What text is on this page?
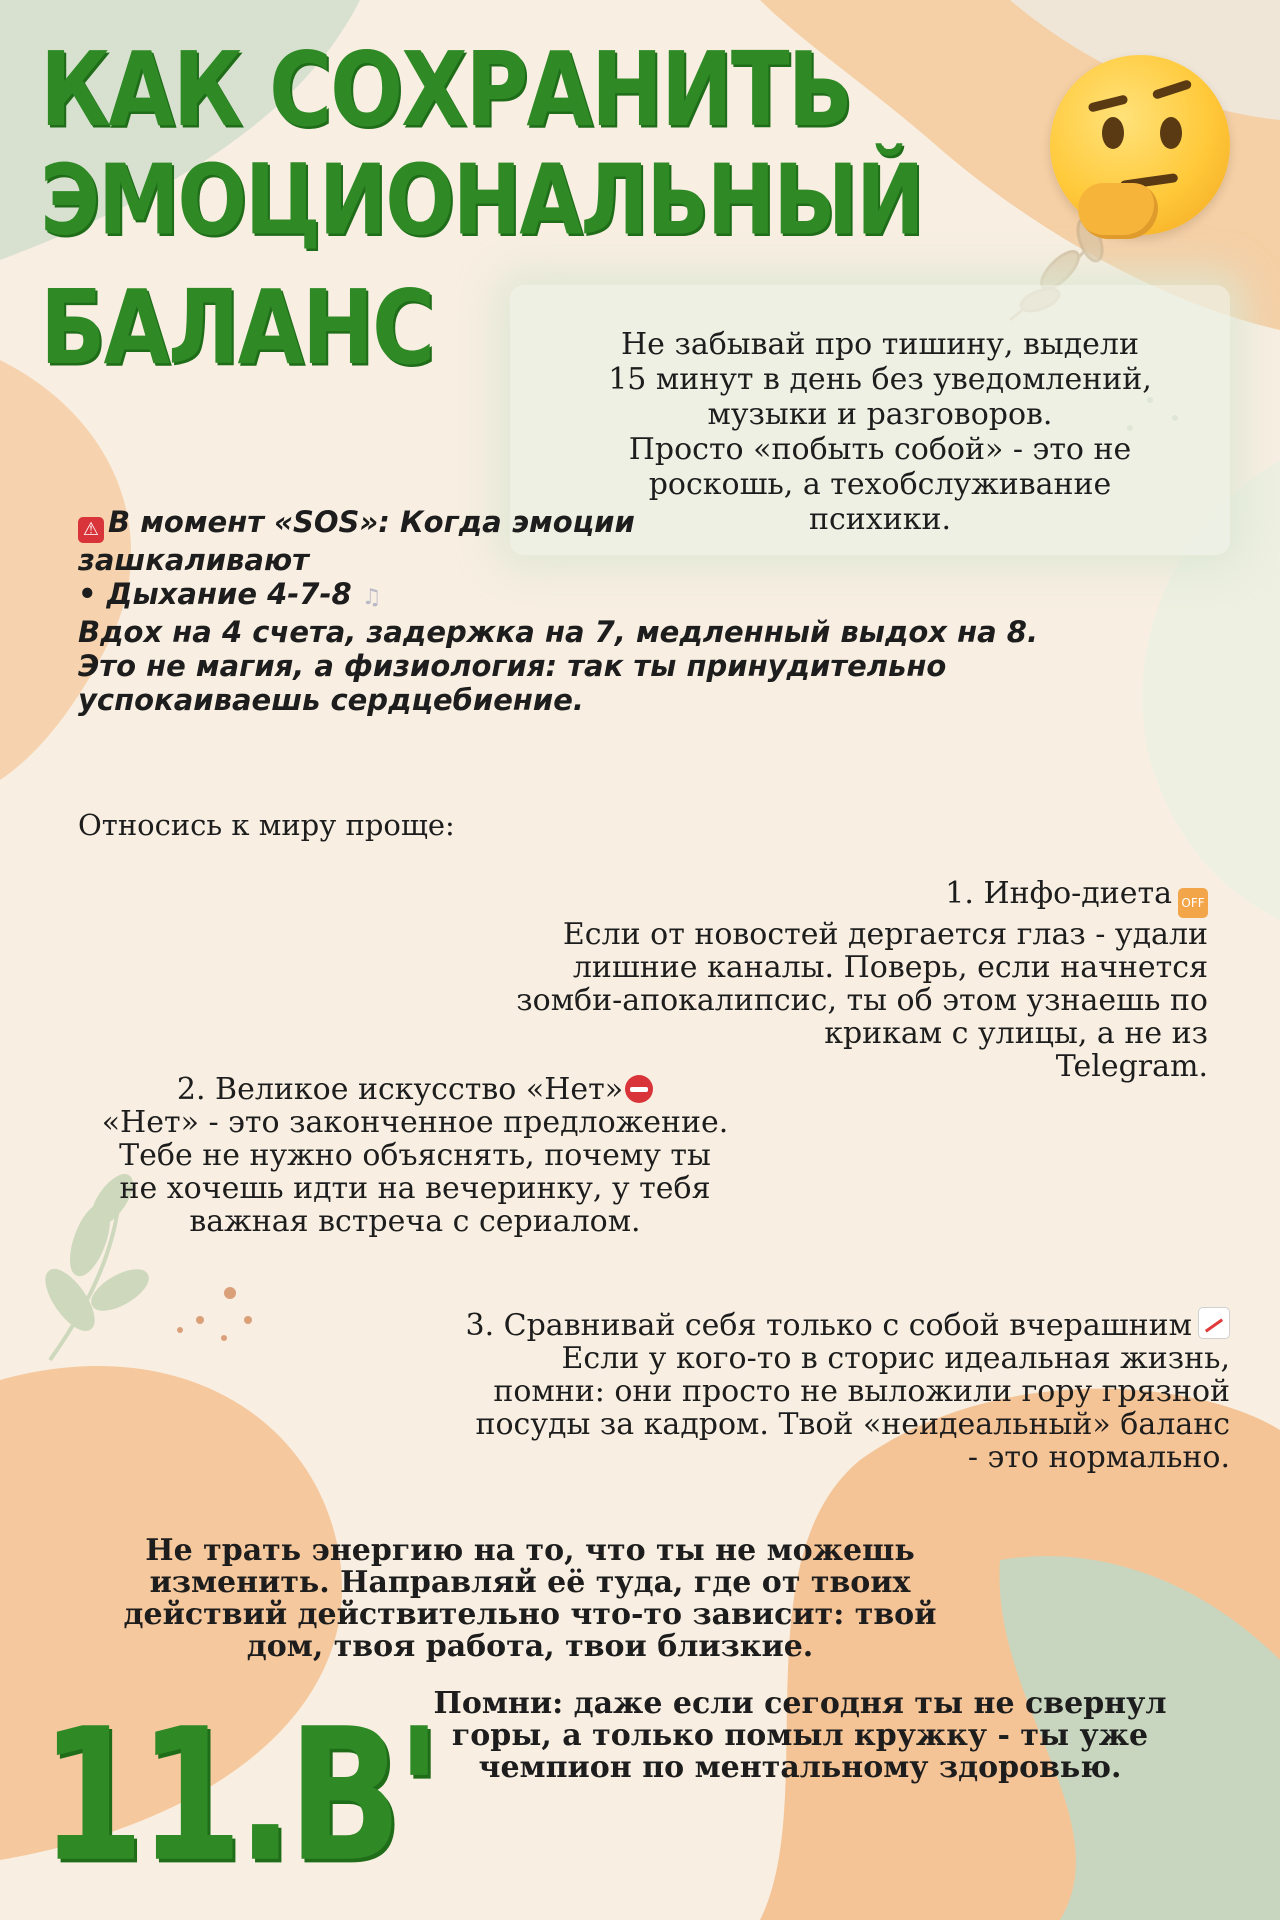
КАК СОХРАНИТЬ
ЭМОЦИОНАЛЬНЫЙ
БАЛАНС	Не забывай про тишину, выдели
15 минут в день без уведомлений,
музыки и разговоров.
Просто «побыть собой» - это не
роскошь, а техобслуживание
психики.
⚠ В момент «SOS»: Когда эмоции
зашкаливают
• Дыхание 4-7-8 ♫
Вдох на 4 счета, задержка на 7, медленный выдох на 8.
Это не магия, а физиология: так ты принудительно
успокаиваешь сердцебиение.
Относись к миру проще:
1. Инфо-диета OFF
Если от новостей дергается глаз - удали
лишние каналы. Поверь, если начнется
зомби-апокалипсис, ты об этом узнаешь по
крикам с улицы, а не из
Telegram.
2. Великое искусство «Нет»
«Нет» - это законченное предложение.
Тебе не нужно объяснять, почему ты
не хочешь идти на вечеринку, у тебя
важная встреча с сериалом.
3. Сравнивай себя только с собой вчерашним
Если у кого-то в сторис идеальная жизнь,
помни: они просто не выложили гору грязной
посуды за кадром. Твой «неидеальный» баланс
- это нормально.
Не трать энергию на то, что ты не можешь
изменить. Направляй её туда, где от твоих
действий действительно что-то зависит: твой
дом, твоя работа, твои близкие.
Помни: даже если сегодня ты не свернул
горы, а только помыл кружку - ты уже
чемпион по ментальному здоровью.
11.В'
